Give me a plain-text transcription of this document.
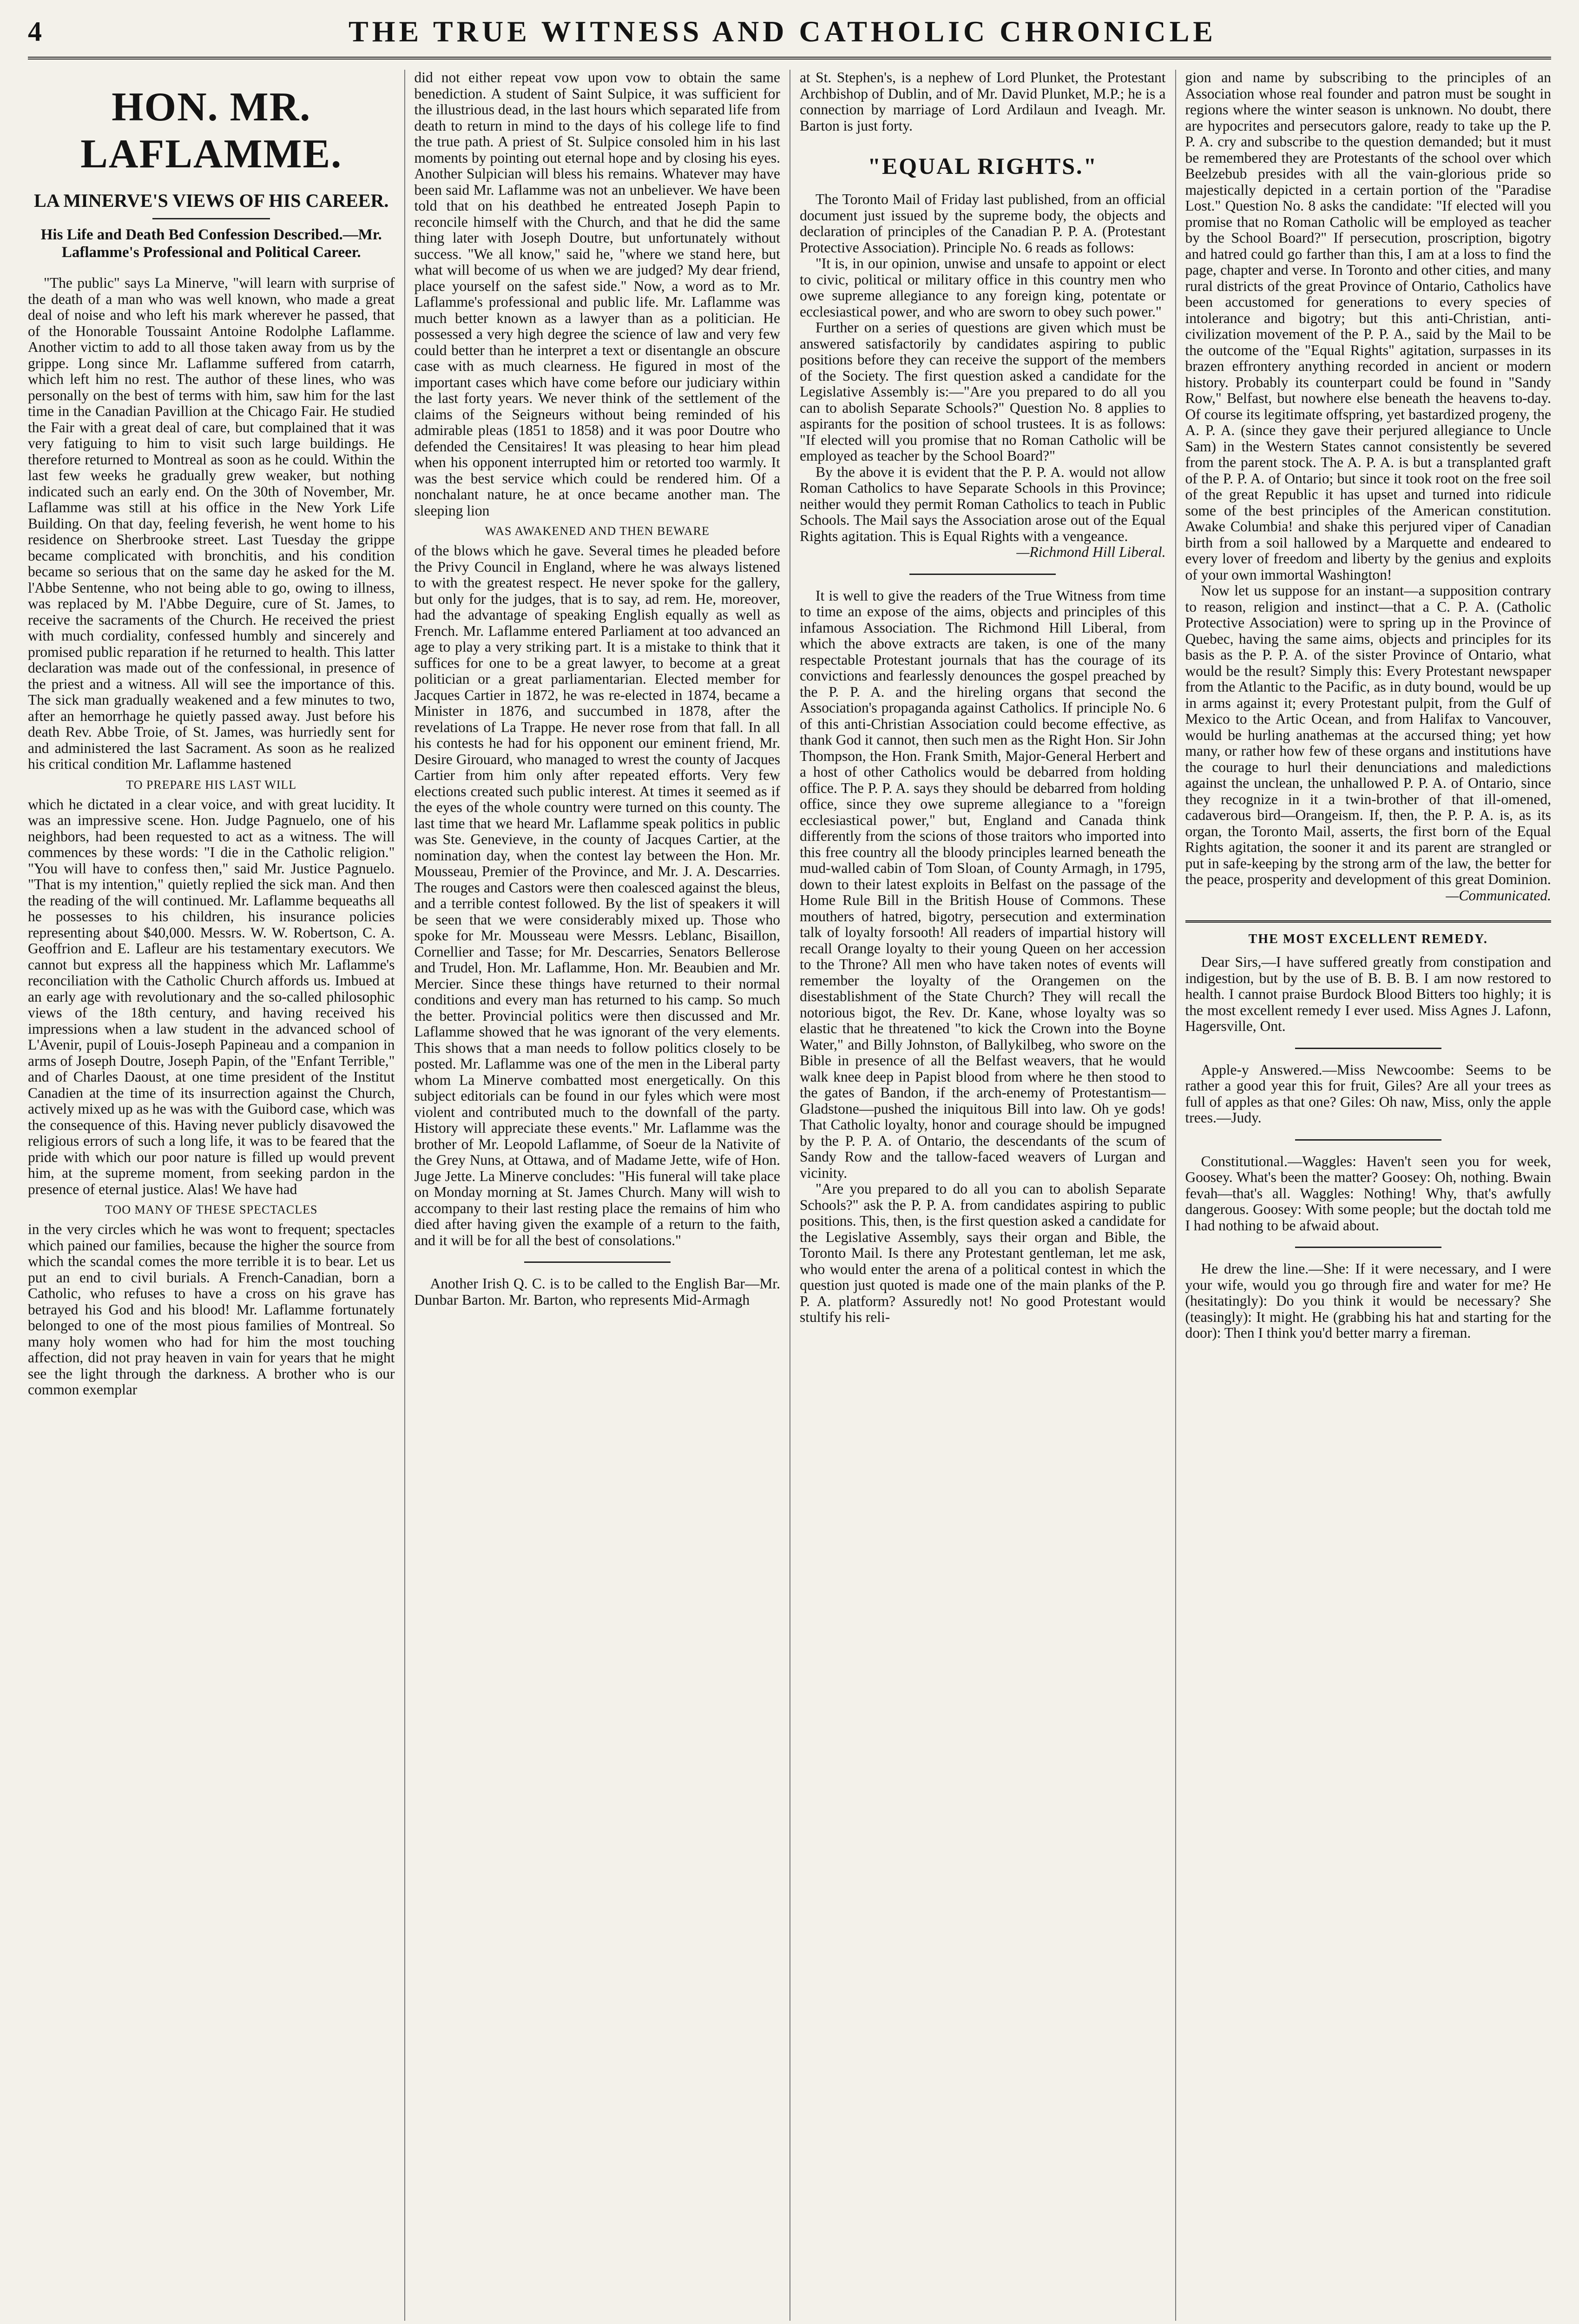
4	THE TRUE WITNESS AND CATHOLIC CHRONICLE
HON. MR. LAFLAMME.
LA MINERVE'S VIEWS OF HIS CAREER.
His Life and Death Bed Confession Described.—Mr. Laflamme's Professional and Political Career.

"The public" says La Minerve, "will learn with surprise of the death of a man who was well known, who made a great deal of noise and who left his mark wherever he passed, that of the Honorable Toussaint Antoine Rodolphe Laflamme. Another victim to add to all those taken away from us by the grippe. Long since Mr. Laflamme suffered from catarrh, which left him no rest. The author of these lines, who was personally on the best of terms with him, saw him for the last time in the Canadian Pavillion at the Chicago Fair. He studied the Fair with a great deal of care, but complained that it was very fatiguing to him to visit such large buildings. He therefore returned to Montreal as soon as he could. Within the last few weeks he gradually grew weaker, but nothing indicated such an early end. On the 30th of November, Mr. Laflamme was still at his office in the New York Life Building. On that day, feeling feverish, he went home to his residence on Sherbrooke street. Last Tuesday the grippe became complicated with bronchitis, and his condition became so serious that on the same day he asked for the M. l'Abbe Sentenne, who not being able to go, owing to illness, was replaced by M. l'Abbe Deguire, cure of St. James, to receive the sacraments of the Church. He received the priest with much cordiality, confessed humbly and sincerely and promised public reparation if he returned to health. This latter declaration was made out of the confessional, in presence of the priest and a witness. All will see the importance of this. The sick man gradually weakened and a few minutes to two, after an hemorrhage he quietly passed away. Just before his death Rev. Abbe Troie, of St. James, was hurriedly sent for and administered the last Sacrament. As soon as he realized his critical condition Mr. Laflamme hastened

TO PREPARE HIS LAST WILL

which he dictated in a clear voice, and with great lucidity. It was an impressive scene. Hon. Judge Pagnuelo, one of his neighbors, had been requested to act as a witness. The will commences by these words: "I die in the Catholic religion." "You will have to confess then," said Mr. Justice Pagnuelo. "That is my intention," quietly replied the sick man. And then the reading of the will continued. Mr. Laflamme bequeaths all he possesses to his children, his insurance policies representing about $40,000. Messrs. W. W. Robertson, C. A. Geoffrion and E. Lafleur are his testamentary executors. We cannot but express all the happiness which Mr. Laflamme's reconciliation with the Catholic Church affords us. Imbued at an early age with revolutionary and the so-called philosophic views of the 18th century, and having received his impressions when a law student in the advanced school of L'Avenir, pupil of Louis-Joseph Papineau and a companion in arms of Joseph Doutre, Joseph Papin, of the "Enfant Terrible," and of Charles Daoust, at one time president of the Institut Canadien at the time of its insurrection against the Church, actively mixed up as he was with the Guibord case, which was the consequence of this. Having never publicly disavowed the religious errors of such a long life, it was to be feared that the pride with which our poor nature is filled up would prevent him, at the supreme moment, from seeking pardon in the presence of eternal justice. Alas! We have had

TOO MANY OF THESE SPECTACLES

in the very circles which he was wont to frequent; spectacles which pained our families, because the higher the source from which the scandal comes the more terrible it is to bear. Let us put an end to civil burials. A French-Canadian, born a Catholic, who refuses to have a cross on his grave has betrayed his God and his blood! Mr. Laflamme fortunately belonged to one of the most pious families of Montreal. So many holy women who had for him the most touching affection, did not pray heaven in vain for years that he might see the light through the darkness. A brother who is our common exemplar

did not either repeat vow upon vow to obtain the same benediction. A student of Saint Sulpice, it was sufficient for the illustrious dead, in the last hours which separated life from death to return in mind to the days of his college life to find the true path. A priest of St. Sulpice consoled him in his last moments by pointing out eternal hope and by closing his eyes. Another Sulpician will bless his remains. Whatever may have been said Mr. Laflamme was not an unbeliever. We have been told that on his deathbed he entreated Joseph Papin to reconcile himself with the Church, and that he did the same thing later with Joseph Doutre, but unfortunately without success. "We all know," said he, "where we stand here, but what will become of us when we are judged? My dear friend, place yourself on the safest side." Now, a word as to Mr. Laflamme's professional and public life. Mr. Laflamme was much better known as a lawyer than as a politician. He possessed a very high degree the science of law and very few could better than he interpret a text or disentangle an obscure case with as much clearness. He figured in most of the important cases which have come before our judiciary within the last forty years. We never think of the settlement of the claims of the Seigneurs without being reminded of his admirable pleas (1851 to 1858) and it was poor Doutre who defended the Censitaires! It was pleasing to hear him plead when his opponent interrupted him or retorted too warmly. It was the best service which could be rendered him. Of a nonchalant nature, he at once became another man. The sleeping lion

WAS AWAKENED AND THEN BEWARE

of the blows which he gave. Several times he pleaded before the Privy Council in England, where he was always listened to with the greatest respect. He never spoke for the gallery, but only for the judges, that is to say, ad rem. He, moreover, had the advantage of speaking English equally as well as French. Mr. Laflamme entered Parliament at too advanced an age to play a very striking part. It is a mistake to think that it suffices for one to be a great lawyer, to become at a great politician or a great parliamentarian. Elected member for Jacques Cartier in 1872, he was re-elected in 1874, became a Minister in 1876, and succumbed in 1878, after the revelations of La Trappe. He never rose from that fall. In all his contests he had for his opponent our eminent friend, Mr. Desire Girouard, who managed to wrest the county of Jacques Cartier from him only after repeated efforts. Very few elections created such public interest. At times it seemed as if the eyes of the whole country were turned on this county. The last time that we heard Mr. Laflamme speak politics in public was Ste. Genevieve, in the county of Jacques Cartier, at the nomination day, when the contest lay between the Hon. Mr. Mousseau, Premier of the Province, and Mr. J. A. Descarries. The rouges and Castors were then coalesced against the bleus, and a terrible contest followed. By the list of speakers it will be seen that we were considerably mixed up. Those who spoke for Mr. Mousseau were Messrs. Leblanc, Bisaillon, Cornellier and Tasse; for Mr. Descarries, Senators Bellerose and Trudel, Hon. Mr. Laflamme, Hon. Mr. Beaubien and Mr. Mercier. Since these things have returned to their normal conditions and every man has returned to his camp. So much the better. Provincial politics were then discussed and Mr. Laflamme showed that he was ignorant of the very elements. This shows that a man needs to follow politics closely to be posted. Mr. Laflamme was one of the men in the Liberal party whom La Minerve combatted most energetically. On this subject editorials can be found in our fyles which were most violent and contributed much to the downfall of the party. History will appreciate these events." Mr. Laflamme was the brother of Mr. Leopold Laflamme, of Soeur de la Nativite of the Grey Nuns, at Ottawa, and of Madame Jette, wife of Hon. Juge Jette. La Minerve concludes: "His funeral will take place on Monday morning at St. James Church. Many will wish to accompany to their last resting place the remains of him who died after having given the example of a return to the faith, and it will be for all the best of consolations."

Another Irish Q. C. is to be called to the English Bar—Mr. Dunbar Barton. Mr. Barton, who represents Mid-Armagh

at St. Stephen's, is a nephew of Lord Plunket, the Protestant Archbishop of Dublin, and of Mr. David Plunket, M.P.; he is a connection by marriage of Lord Ardilaun and Iveagh. Mr. Barton is just forty.

"EQUAL RIGHTS."

The Toronto Mail of Friday last published, from an official document just issued by the supreme body, the objects and declaration of principles of the Canadian P. P. A. (Protestant Protective Association). Principle No. 6 reads as follows:

"It is, in our opinion, unwise and unsafe to appoint or elect to civic, political or military office in this country men who owe supreme allegiance to any foreign king, potentate or ecclesiastical power, and who are sworn to obey such power."

Further on a series of questions are given which must be answered satisfactorily by candidates aspiring to public positions before they can receive the support of the members of the Society. The first question asked a candidate for the Legislative Assembly is:—"Are you prepared to do all you can to abolish Separate Schools?" Question No. 8 applies to aspirants for the position of school trustees. It is as follows: "If elected will you promise that no Roman Catholic will be employed as teacher by the School Board?"

By the above it is evident that the P. P. A. would not allow Roman Catholics to have Separate Schools in this Province; neither would they permit Roman Catholics to teach in Public Schools. The Mail says the Association arose out of the Equal Rights agitation. This is Equal Rights with a vengeance.

—Richmond Hill Liberal.

It is well to give the readers of the True Witness from time to time an expose of the aims, objects and principles of this infamous Association. The Richmond Hill Liberal, from which the above extracts are taken, is one of the many respectable Protestant journals that has the courage of its convictions and fearlessly denounces the gospel preached by the P. P. A. and the hireling organs that second the Association's propaganda against Catholics. If principle No. 6 of this anti-Christian Association could become effective, as thank God it cannot, then such men as the Right Hon. Sir John Thompson, the Hon. Frank Smith, Major-General Herbert and a host of other Catholics would be debarred from holding office. The P. P. A. says they should be debarred from holding office, since they owe supreme allegiance to a "foreign ecclesiastical power," but, England and Canada think differently from the scions of those traitors who imported into this free country all the bloody principles learned beneath the mud-walled cabin of Tom Sloan, of County Armagh, in 1795, down to their latest exploits in Belfast on the passage of the Home Rule Bill in the British House of Commons. These mouthers of hatred, bigotry, persecution and extermination talk of loyalty forsooth! All readers of impartial history will recall Orange loyalty to their young Queen on her accession to the Throne? All men who have taken notes of events will remember the loyalty of the Orangemen on the disestablishment of the State Church? They will recall the notorious bigot, the Rev. Dr. Kane, whose loyalty was so elastic that he threatened "to kick the Crown into the Boyne Water," and Billy Johnston, of Ballykilbeg, who swore on the Bible in presence of all the Belfast weavers, that he would walk knee deep in Papist blood from where he then stood to the gates of Bandon, if the arch-enemy of Protestantism—Gladstone—pushed the iniquitous Bill into law. Oh ye gods! That Catholic loyalty, honor and courage should be impugned by the P. P. A. of Ontario, the descendants of the scum of Sandy Row and the tallow-faced weavers of Lurgan and vicinity.

"Are you prepared to do all you can to abolish Separate Schools?" ask the P. P. A. from candidates aspiring to public positions. This, then, is the first question asked a candidate for the Legislative Assembly, says their organ and Bible, the Toronto Mail. Is there any Protestant gentleman, let me ask, who would enter the arena of a political contest in which the question just quoted is made one of the main planks of the P. P. A. platform? Assuredly not! No good Protestant would stultify his reli-

gion and name by subscribing to the principles of an Association whose real founder and patron must be sought in regions where the winter season is unknown. No doubt, there are hypocrites and persecutors galore, ready to take up the P. P. A. cry and subscribe to the question demanded; but it must be remembered they are Protestants of the school over which Beelzebub presides with all the vain-glorious pride so majestically depicted in a certain portion of the "Paradise Lost." Question No. 8 asks the candidate: "If elected will you promise that no Roman Catholic will be employed as teacher by the School Board?" If persecution, proscription, bigotry and hatred could go farther than this, I am at a loss to find the page, chapter and verse. In Toronto and other cities, and many rural districts of the great Province of Ontario, Catholics have been accustomed for generations to every species of intolerance and bigotry; but this anti-Christian, anti-civilization movement of the P. P. A., said by the Mail to be the outcome of the "Equal Rights" agitation, surpasses in its brazen effrontery anything recorded in ancient or modern history. Probably its counterpart could be found in "Sandy Row," Belfast, but nowhere else beneath the heavens to-day. Of course its legitimate offspring, yet bastardized progeny, the A. P. A. (since they gave their perjured allegiance to Uncle Sam) in the Western States cannot consistently be severed from the parent stock. The A. P. A. is but a transplanted graft of the P. P. A. of Ontario; but since it took root on the free soil of the great Republic it has upset and turned into ridicule some of the best principles of the American constitution. Awake Columbia! and shake this perjured viper of Canadian birth from a soil hallowed by a Marquette and endeared to every lover of freedom and liberty by the genius and exploits of your own immortal Washington!

Now let us suppose for an instant—a supposition contrary to reason, religion and instinct—that a C. P. A. (Catholic Protective Association) were to spring up in the Province of Quebec, having the same aims, objects and principles for its basis as the P. P. A. of the sister Province of Ontario, what would be the result? Simply this: Every Protestant newspaper from the Atlantic to the Pacific, as in duty bound, would be up in arms against it; every Protestant pulpit, from the Gulf of Mexico to the Artic Ocean, and from Halifax to Vancouver, would be hurling anathemas at the accursed thing; yet how many, or rather how few of these organs and institutions have the courage to hurl their denunciations and maledictions against the unclean, the unhallowed P. P. A. of Ontario, since they recognize in it a twin-brother of that ill-omened, cadaverous bird—Orangeism. If, then, the P. P. A. is, as its organ, the Toronto Mail, asserts, the first born of the Equal Rights agitation, the sooner it and its parent are strangled or put in safe-keeping by the strong arm of the law, the better for the peace, prosperity and development of this great Dominion.

—Communicated.

THE MOST EXCELLENT REMEDY.

Dear Sirs,—I have suffered greatly from constipation and indigestion, but by the use of B. B. B. I am now restored to health. I cannot praise Burdock Blood Bitters too highly; it is the most excellent remedy I ever used. Miss Agnes J. Lafonn, Hagersville, Ont.

Apple-y Answered.—Miss Newcoombe: Seems to be rather a good year this for fruit, Giles? Are all your trees as full of apples as that one? Giles: Oh naw, Miss, only the apple trees.—Judy.

Constitutional.—Waggles: Haven't seen you for week, Goosey. What's been the matter? Goosey: Oh, nothing. Bwain fevah—that's all. Waggles: Nothing! Why, that's awfully dangerous. Goosey: With some people; but the doctah told me I had nothing to be afwaid about.

He drew the line.—She: If it were necessary, and I were your wife, would you go through fire and water for me? He (hesitatingly): Do you think it would be necessary? She (teasingly): It might. He (grabbing his hat and starting for the door): Then I think you'd better marry a fireman.
